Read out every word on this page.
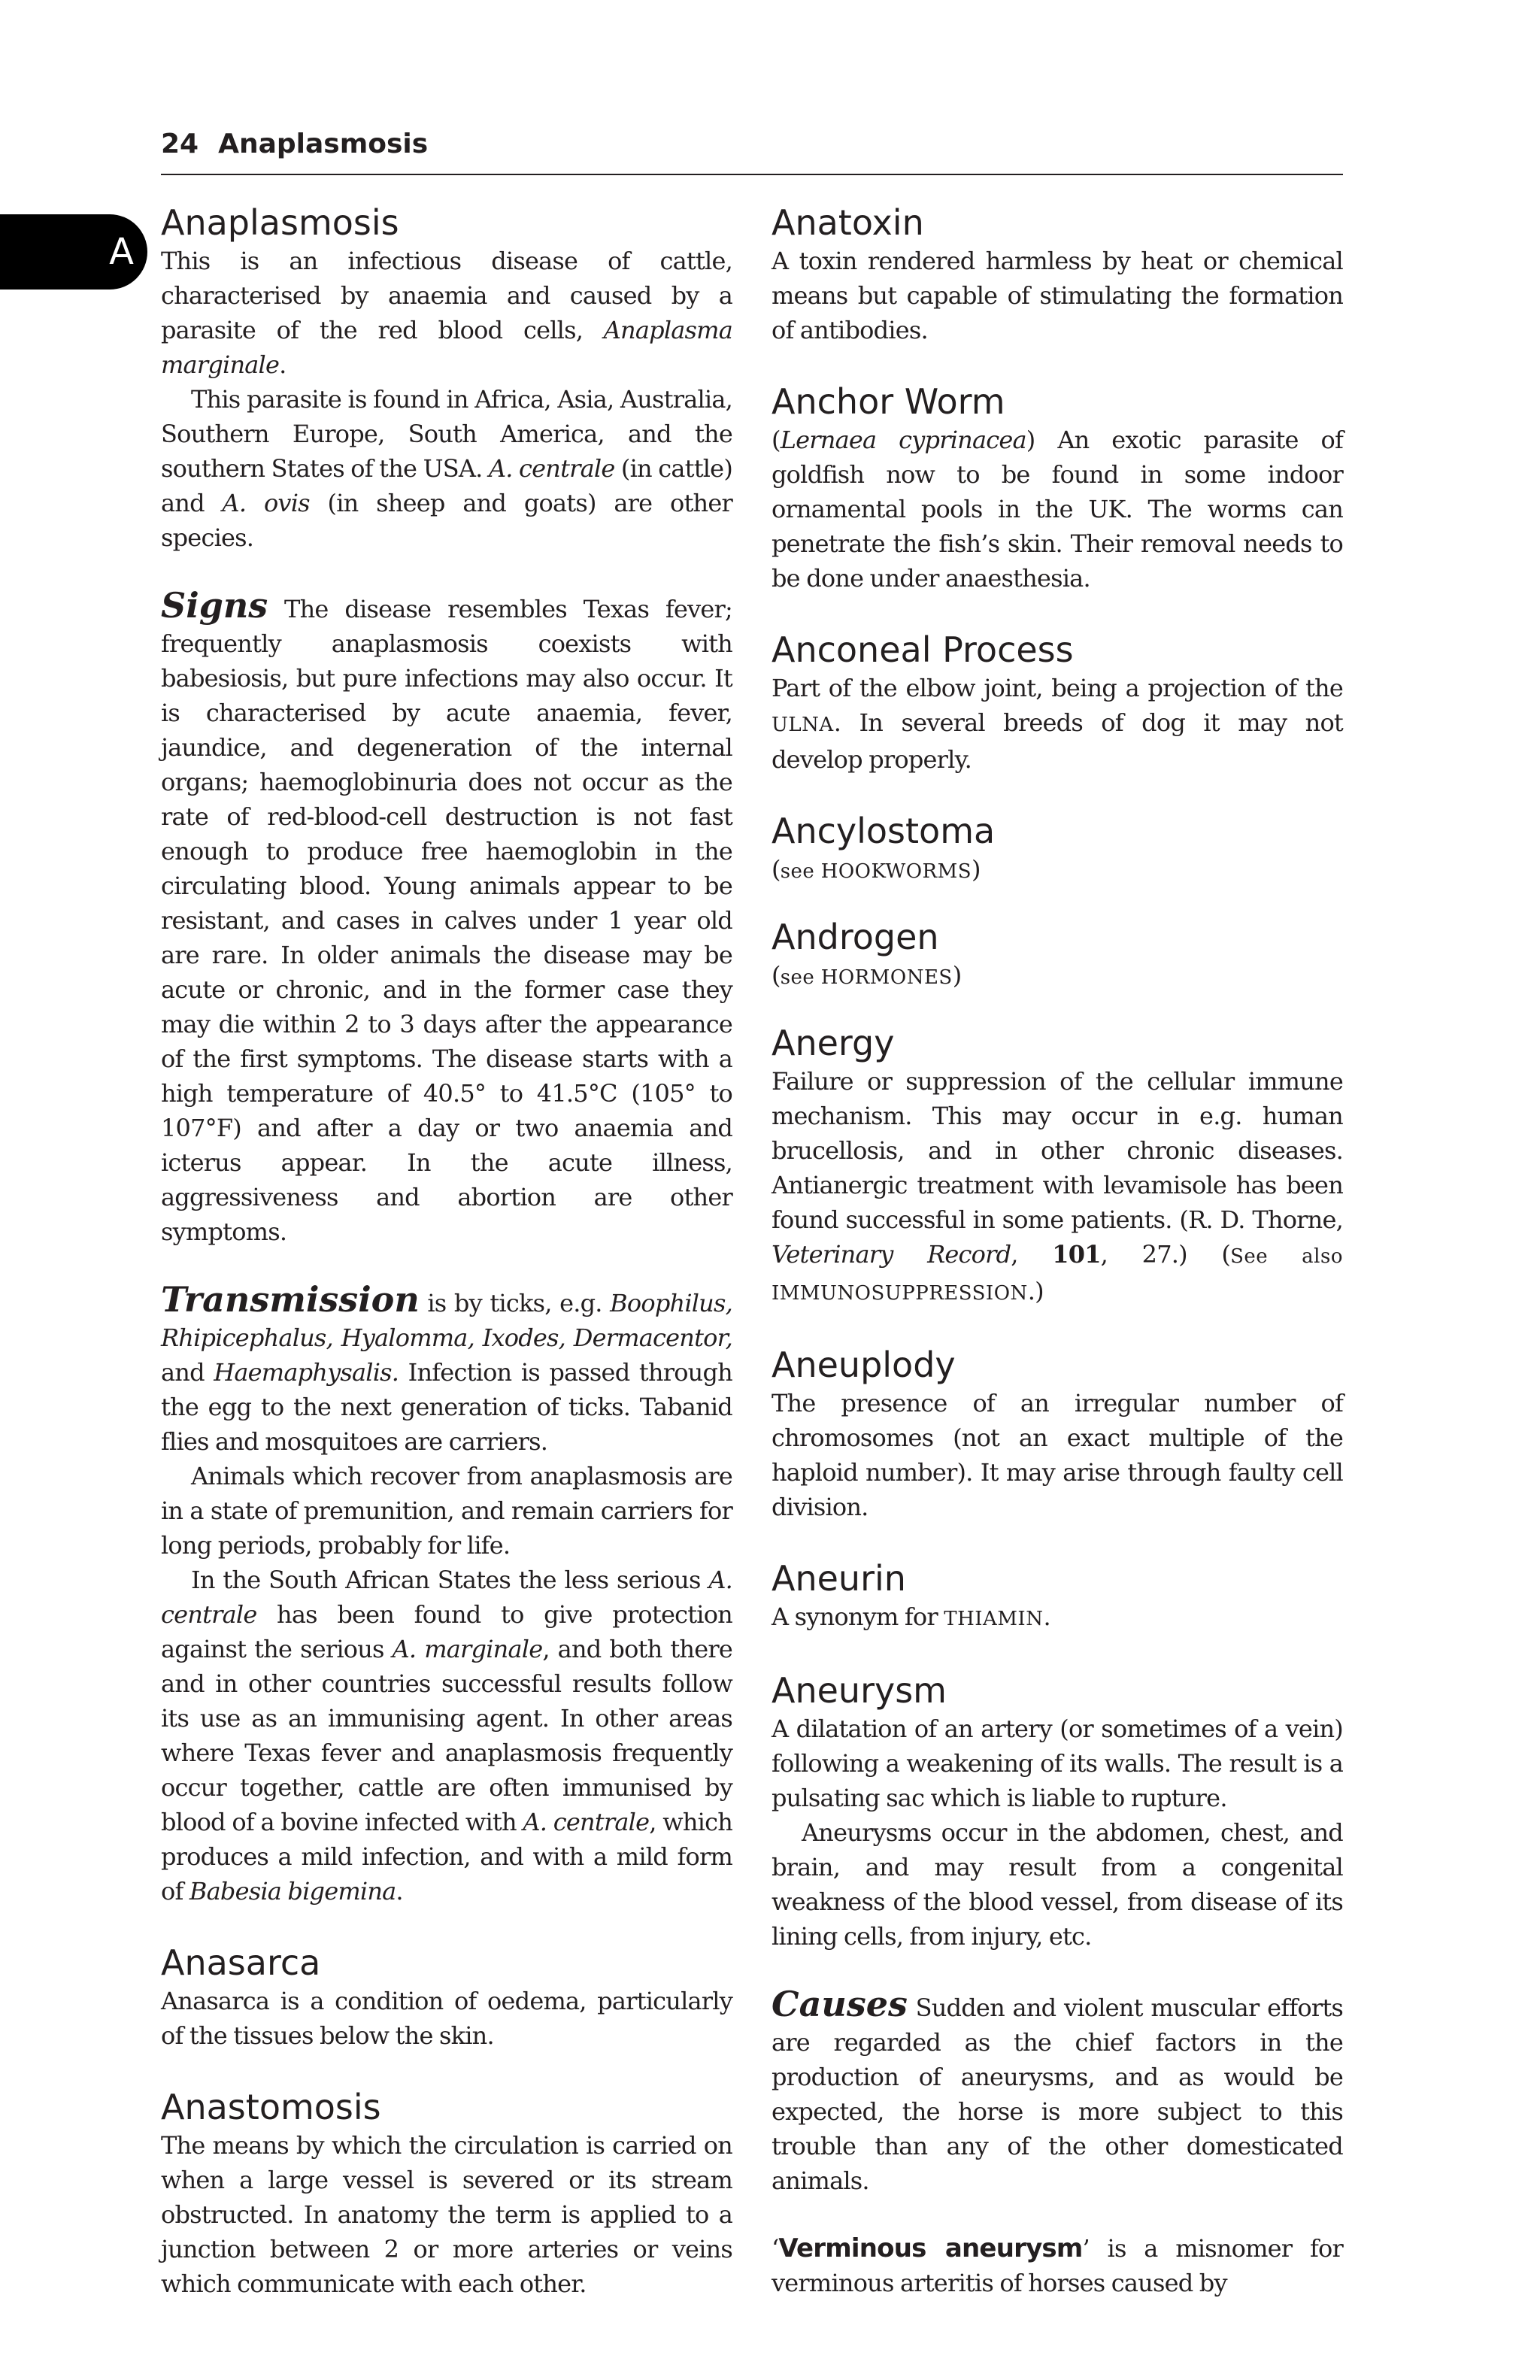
24 Anaplasmosis
A
Anaplasmosis

This is an infectious disease of cattle, characterised by anaemia and caused by a parasite of the red blood cells, Anaplasma marginale.

This parasite is found in Africa, Asia, Australia, Southern Europe, South America, and the southern States of the USA. A. centrale (in cattle) and A. ovis (in sheep and goats) are other species.

Signs The disease resembles Texas fever; frequently anaplasmosis coexists with babesiosis, but pure infections may also occur. It is characterised by acute anaemia, fever, jaundice, and degeneration of the internal organs; haemoglobinuria does not occur as the rate of red-blood-cell destruction is not fast enough to produce free haemoglobin in the circulating blood. Young animals appear to be resistant, and cases in calves under 1 year old are rare. In older animals the disease may be acute or chronic, and in the former case they may die within 2 to 3 days after the appearance of the first symptoms. The disease starts with a high temperature of 40.5° to 41.5°C (105° to 107°F) and after a day or two anaemia and icterus appear. In the acute illness, aggressiveness and abortion are other symptoms.

Transmission is by ticks, e.g. Boophilus, Rhipicephalus, Hyalomma, Ixodes, Dermacentor, and Haemaphysalis. Infection is passed through the egg to the next generation of ticks. Tabanid flies and mosquitoes are carriers.

Animals which recover from anaplasmosis are in a state of premunition, and remain carriers for long periods, probably for life.

In the South African States the less serious A. centrale has been found to give protection against the serious A. marginale, and both there and in other countries successful results follow its use as an immunising agent. In other areas where Texas fever and anaplasmosis frequently occur together, cattle are often immunised by blood of a bovine infected with A. centrale, which produces a mild infection, and with a mild form of Babesia bigemina.

Anasarca

Anasarca is a condition of oedema, particularly of the tissues below the skin.

Anastomosis

The means by which the circulation is carried on when a large vessel is severed or its stream obstructed. In anatomy the term is applied to a junction between 2 or more arteries or veins which communicate with each other.

Anatoxin

A toxin rendered harmless by heat or chemical means but capable of stimulating the formation of antibodies.

Anchor Worm

(Lernaea cyprinacea) An exotic parasite of goldfish now to be found in some indoor ornamental pools in the UK. The worms can penetrate the fish’s skin. Their removal needs to be done under anaesthesia.

Anconeal Process

Part of the elbow joint, being a projection of the ULNA. In several breeds of dog it may not develop properly.

Ancylostoma

(see HOOKWORMS)

Androgen

(see HORMONES)

Anergy

Failure or suppression of the cellular immune mechanism. This may occur in e.g. human brucellosis, and in other chronic diseases. Antianergic treatment with levamisole has been found successful in some patients. (R. D. Thorne, Veterinary Record, 101, 27.) (See also IMMUNOSUPPRESSION.)

Aneuplody

The presence of an irregular number of chromosomes (not an exact multiple of the haploid number). It may arise through faulty cell division.

Aneurin

A synonym for THIAMIN.

Aneurysm

A dilatation of an artery (or sometimes of a vein) following a weakening of its walls. The result is a pulsating sac which is liable to rupture.

Aneurysms occur in the abdomen, chest, and brain, and may result from a congenital weakness of the blood vessel, from disease of its lining cells, from injury, etc.

Causes Sudden and violent muscular efforts are regarded as the chief factors in the production of aneurysms, and as would be expected, the horse is more subject to this trouble than any of the other domesticated animals.

‘Verminous aneurysm’ is a misnomer for verminous arteritis of horses caused by
